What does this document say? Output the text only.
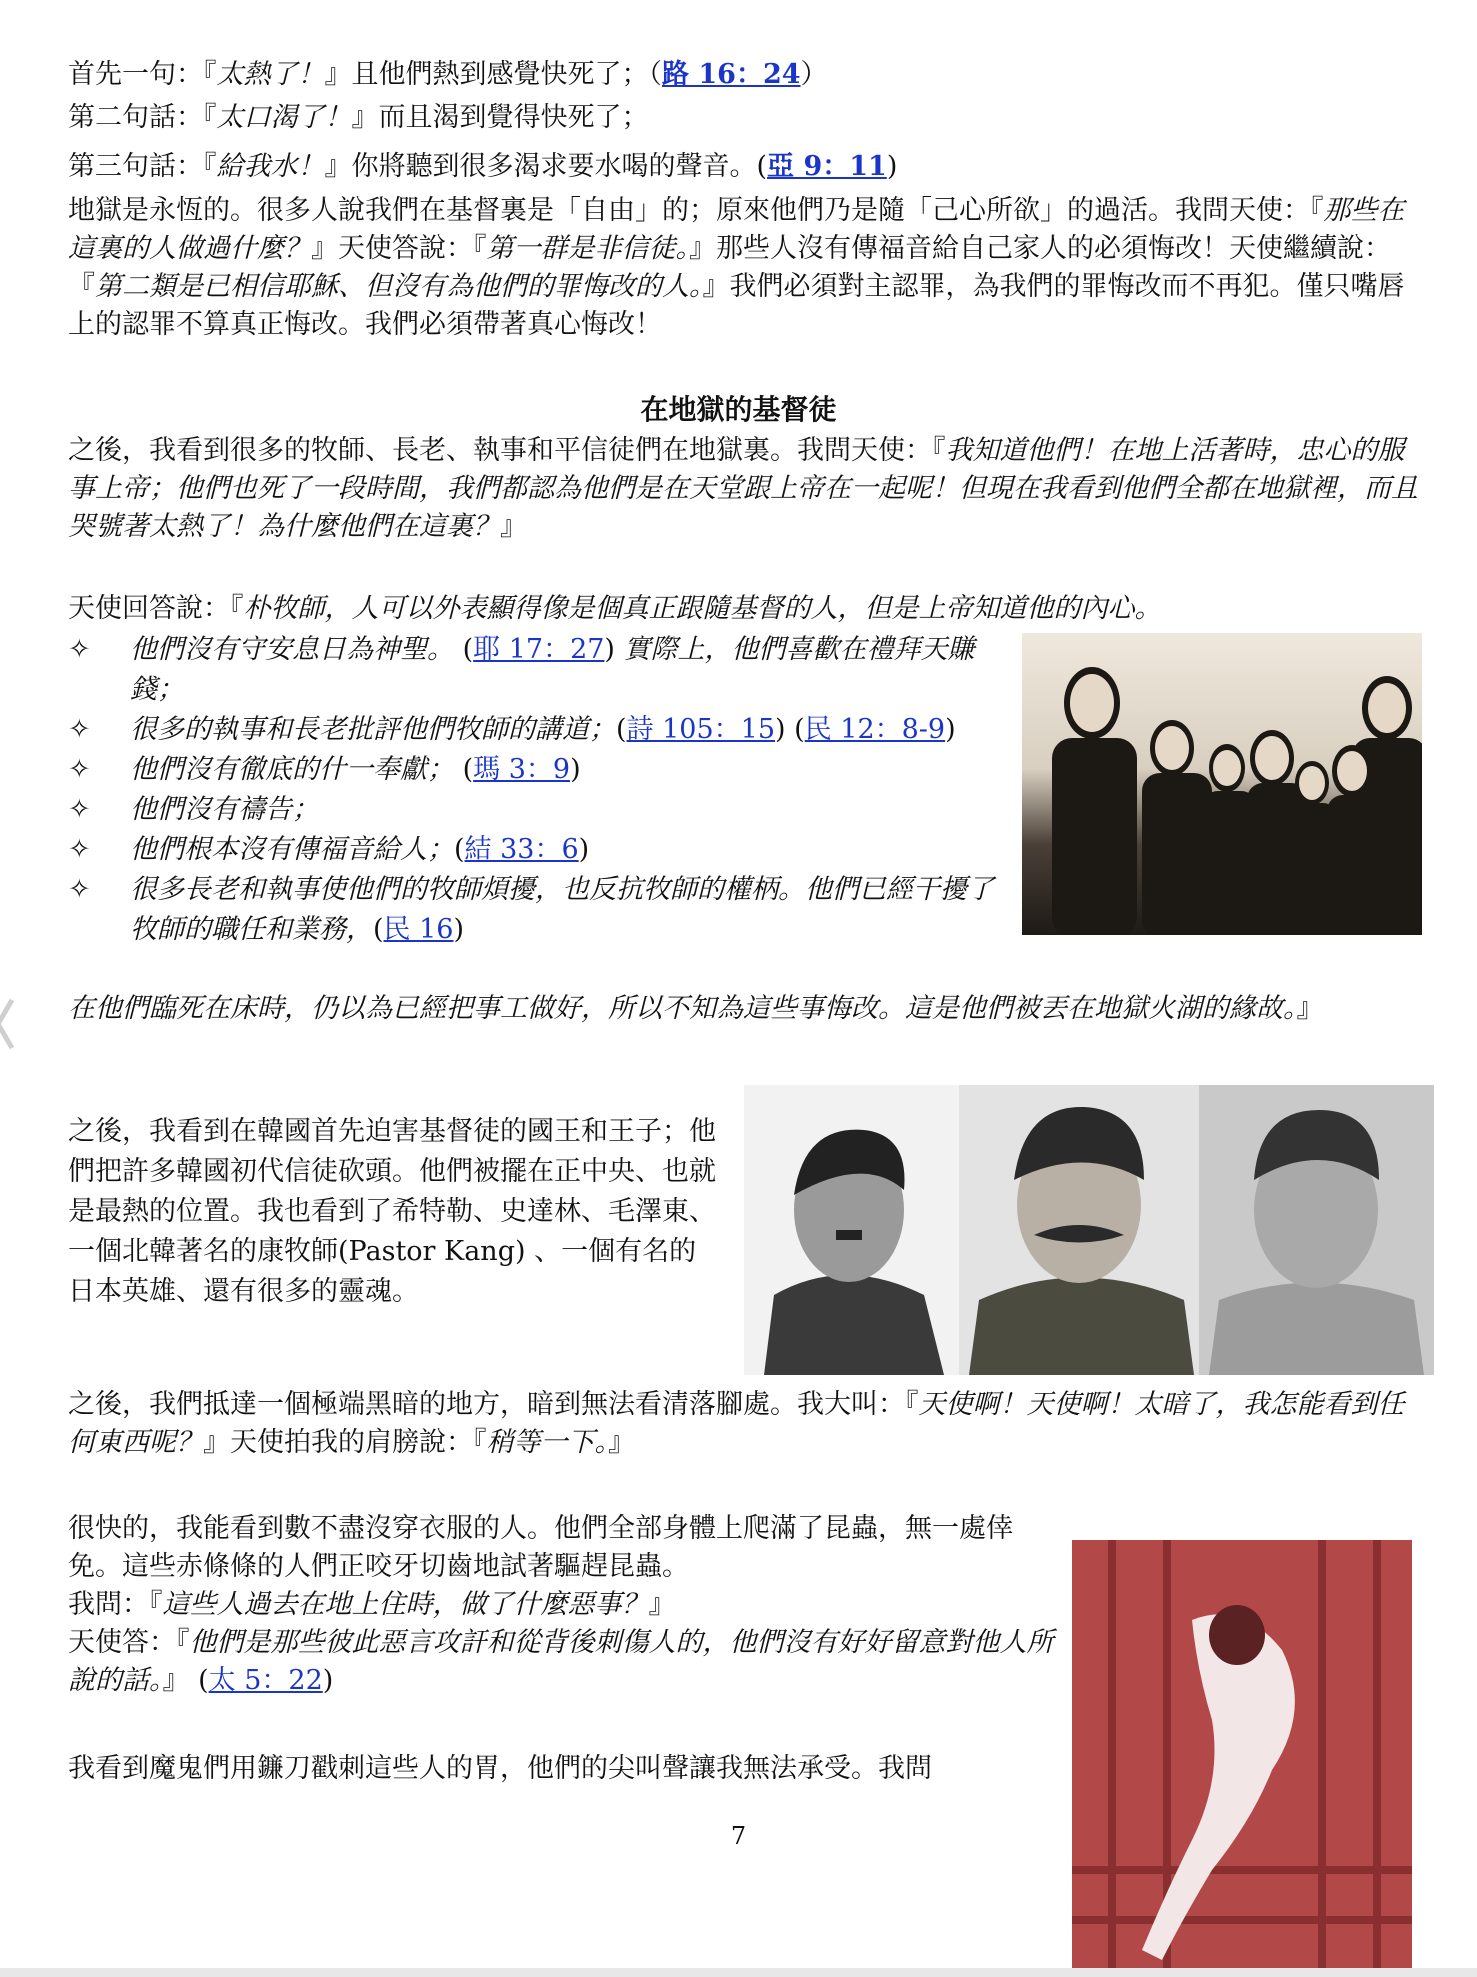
首先一句：『太熱了！』且他們熱到感覺快死了；（路 16：24）
第二句話：『太口渴了！』而且渴到覺得快死了；
第三句話：『給我水！』你將聽到很多渴求要水喝的聲音。(亞 9：11)
地獄是永恆的。很多人說我們在基督裏是「自由」的；原來他們乃是隨「己心所欲」的過活。我問天使：『那些在這裏的人做過什麼？』天使答說：『第一群是非信徒。』那些人沒有傳福音給自己家人的必須悔改！天使繼續說：『第二類是已相信耶穌、但沒有為他們的罪悔改的人。』我們必須對主認罪，為我們的罪悔改而不再犯。僅只嘴唇上的認罪不算真正悔改。我們必須帶著真心悔改！
在地獄的基督徒
之後，我看到很多的牧師、長老、執事和平信徒們在地獄裏。我問天使：『我知道他們！在地上活著時，忠心的服事上帝；他們也死了一段時間，我們都認為他們是在天堂跟上帝在一起呢！但現在我看到他們全都在地獄裡，而且哭號著太熱了！為什麼他們在這裏？』
天使回答說：『朴牧師，人可以外表顯得像是個真正跟隨基督的人，但是上帝知道他的內心。
✧	他們沒有守安息日為神聖。 (耶 17：27) 實際上，他們喜歡在禮拜天賺錢；
✧	很多的執事和長老批評他們牧師的講道；(詩 105：15) (民 12：8-9)
✧	他們沒有徹底的什一奉獻； (瑪 3：9)
✧	他們沒有禱告；
✧	他們根本沒有傳福音給人；(結 33：6)
✧	很多長老和執事使他們的牧師煩擾，也反抗牧師的權柄。他們已經干擾了牧師的職任和業務，(民 16)
在他們臨死在床時，仍以為已經把事工做好，所以不知為這些事悔改。這是他們被丟在地獄火湖的緣故。』
之後，我看到在韓國首先迫害基督徒的國王和王子；他們把許多韓國初代信徒砍頭。他們被擺在正中央、也就是最熱的位置。我也看到了希特勒、史達林、毛澤東、一個北韓著名的康牧師(Pastor Kang) 、一個有名的日本英雄、還有很多的靈魂。
之後，我們抵達一個極端黑暗的地方，暗到無法看清落腳處。我大叫：『天使啊！天使啊！太暗了，我怎能看到任何東西呢？』天使拍我的肩膀說：『稍等一下。』
很快的，我能看到數不盡沒穿衣服的人。他們全部身體上爬滿了昆蟲，無一處倖免。這些赤條條的人們正咬牙切齒地試著驅趕昆蟲。
我問：『這些人過去在地上住時，做了什麼惡事？』
天使答：『他們是那些彼此惡言攻訐和從背後刺傷人的，他們沒有好好留意對他人所說的話。』 (太 5：22)
我看到魔鬼們用鐮刀戳刺這些人的胃，他們的尖叫聲讓我無法承受。我問
7
